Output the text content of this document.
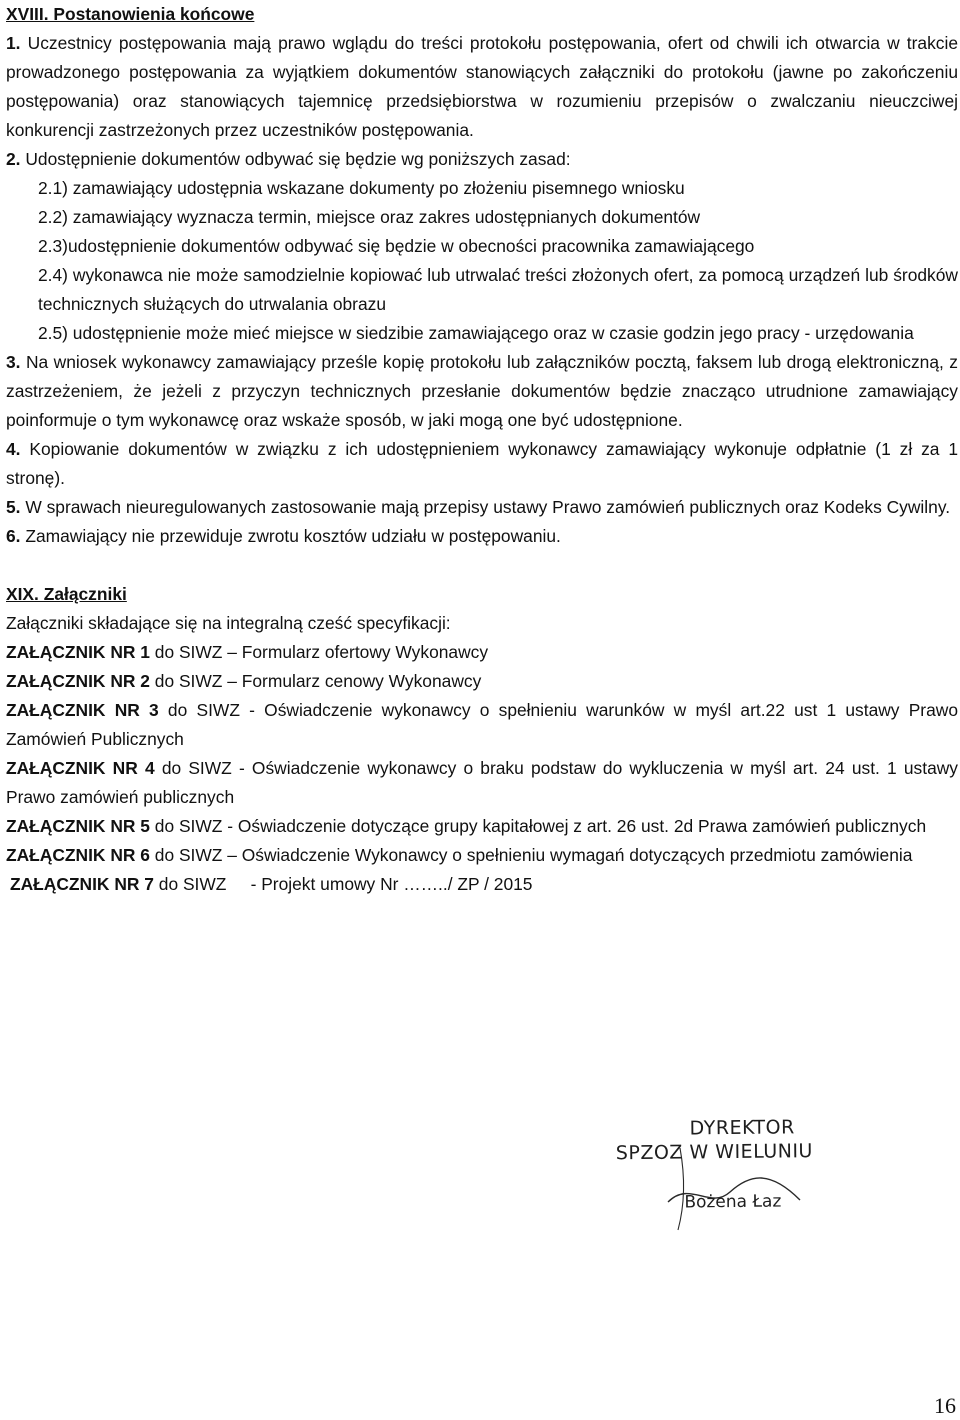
XVIII. Postanowienia końcowe

1. Uczestnicy postępowania mają prawo wglądu do treści protokołu postępowania, ofert od chwili ich otwarcia w trakcie prowadzonego postępowania za wyjątkiem dokumentów stanowiących załączniki do protokołu (jawne po zakończeniu postępowania) oraz stanowiących tajemnicę przedsiębiorstwa w rozumieniu przepisów o zwalczaniu nieuczciwej konkurencji zastrzeżonych przez uczestników postępowania.

2. Udostępnienie dokumentów odbywać się będzie wg poniższych zasad:

2.1) zamawiający udostępnia wskazane dokumenty po złożeniu pisemnego wniosku

2.2) zamawiający wyznacza termin, miejsce oraz zakres udostępnianych dokumentów

2.3)udostępnienie dokumentów odbywać się będzie w obecności pracownika zamawiającego

2.4) wykonawca nie może samodzielnie kopiować lub utrwalać treści złożonych ofert, za pomocą urządzeń lub środków technicznych służących do utrwalania obrazu

2.5) udostępnienie może mieć miejsce w siedzibie zamawiającego oraz w czasie godzin jego pracy - urzędowania

3. Na wniosek wykonawcy zamawiający prześle kopię protokołu lub załączników pocztą, faksem lub drogą elektroniczną, z zastrzeżeniem, że jeżeli z przyczyn technicznych przesłanie dokumentów będzie znacząco utrudnione zamawiający poinformuje o tym wykonawcę oraz wskaże sposób, w jaki mogą one być udostępnione.

4. Kopiowanie dokumentów w związku z ich udostępnieniem wykonawcy zamawiający wykonuje odpłatnie (1 zł za 1 stronę).

5. W sprawach nieuregulowanych zastosowanie mają przepisy ustawy Prawo zamówień publicznych oraz Kodeks Cywilny.

6. Zamawiający nie przewiduje zwrotu kosztów udziału w postępowaniu.

XIX. Załączniki

Załączniki składające się na integralną cześć specyfikacji:

ZAŁĄCZNIK NR 1 do SIWZ – Formularz ofertowy Wykonawcy

ZAŁĄCZNIK NR 2 do SIWZ – Formularz cenowy Wykonawcy

ZAŁĄCZNIK NR 3 do SIWZ - Oświadczenie wykonawcy o spełnieniu warunków w myśl art.22 ust 1 ustawy Prawo Zamówień Publicznych

ZAŁĄCZNIK NR 4 do SIWZ - Oświadczenie wykonawcy o braku podstaw do wykluczenia w myśl art. 24 ust. 1 ustawy Prawo zamówień publicznych

ZAŁĄCZNIK NR 5 do SIWZ - Oświadczenie dotyczące grupy kapitałowej z art. 26 ust. 2d Prawa zamówień publicznych

ZAŁĄCZNIK NR 6 do SIWZ – Oświadczenie Wykonawcy o spełnieniu wymagań dotyczących przedmiotu zamówienia

ZAŁĄCZNIK NR 7 do SIWZ     - Projekt umowy Nr ……../ ZP / 2015

DYREKTOR
SPZOZ W WIELUNIU
Bożena Łaz
16
